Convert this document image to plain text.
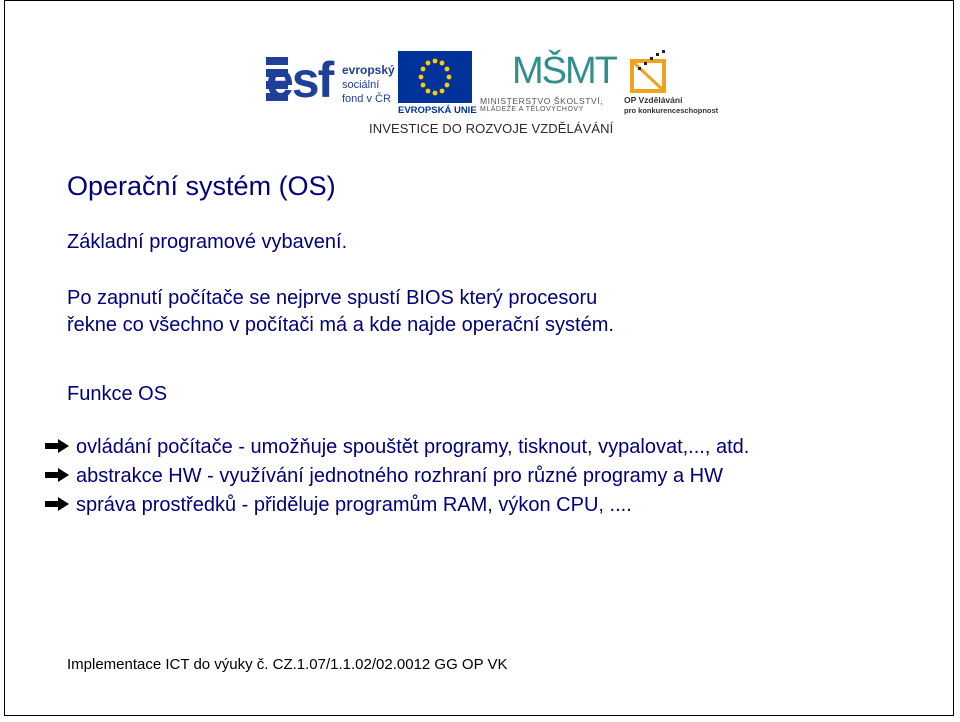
esf evropský
sociální
fond v ČR
EVROPSKÁ UNIE
MŠMT
MINISTERSTVO ŠKOLSTVÍ,
MLÁDEŽE A TĚLOVÝCHOVY
OP Vzdělávání
pro konkurenceschopnost
INVESTICE DO ROZVOJE VZDĚLÁVÁNÍ
Operační systém (OS)
Základní programové vybavení.
Po zapnutí počítače se nejprve spustí BIOS který procesoru
řekne co všechno v počítači má a kde najde operační systém.
Funkce OS
ovládání počítače - umožňuje spouštět programy, tisknout, vypalovat,..., atd.
abstrakce HW - využívání jednotného rozhraní pro různé programy a HW
správa prostředků - přiděluje programům RAM, výkon CPU, ....
Implementace ICT do výuky č. CZ.1.07/1.1.02/02.0012 GG OP VK
